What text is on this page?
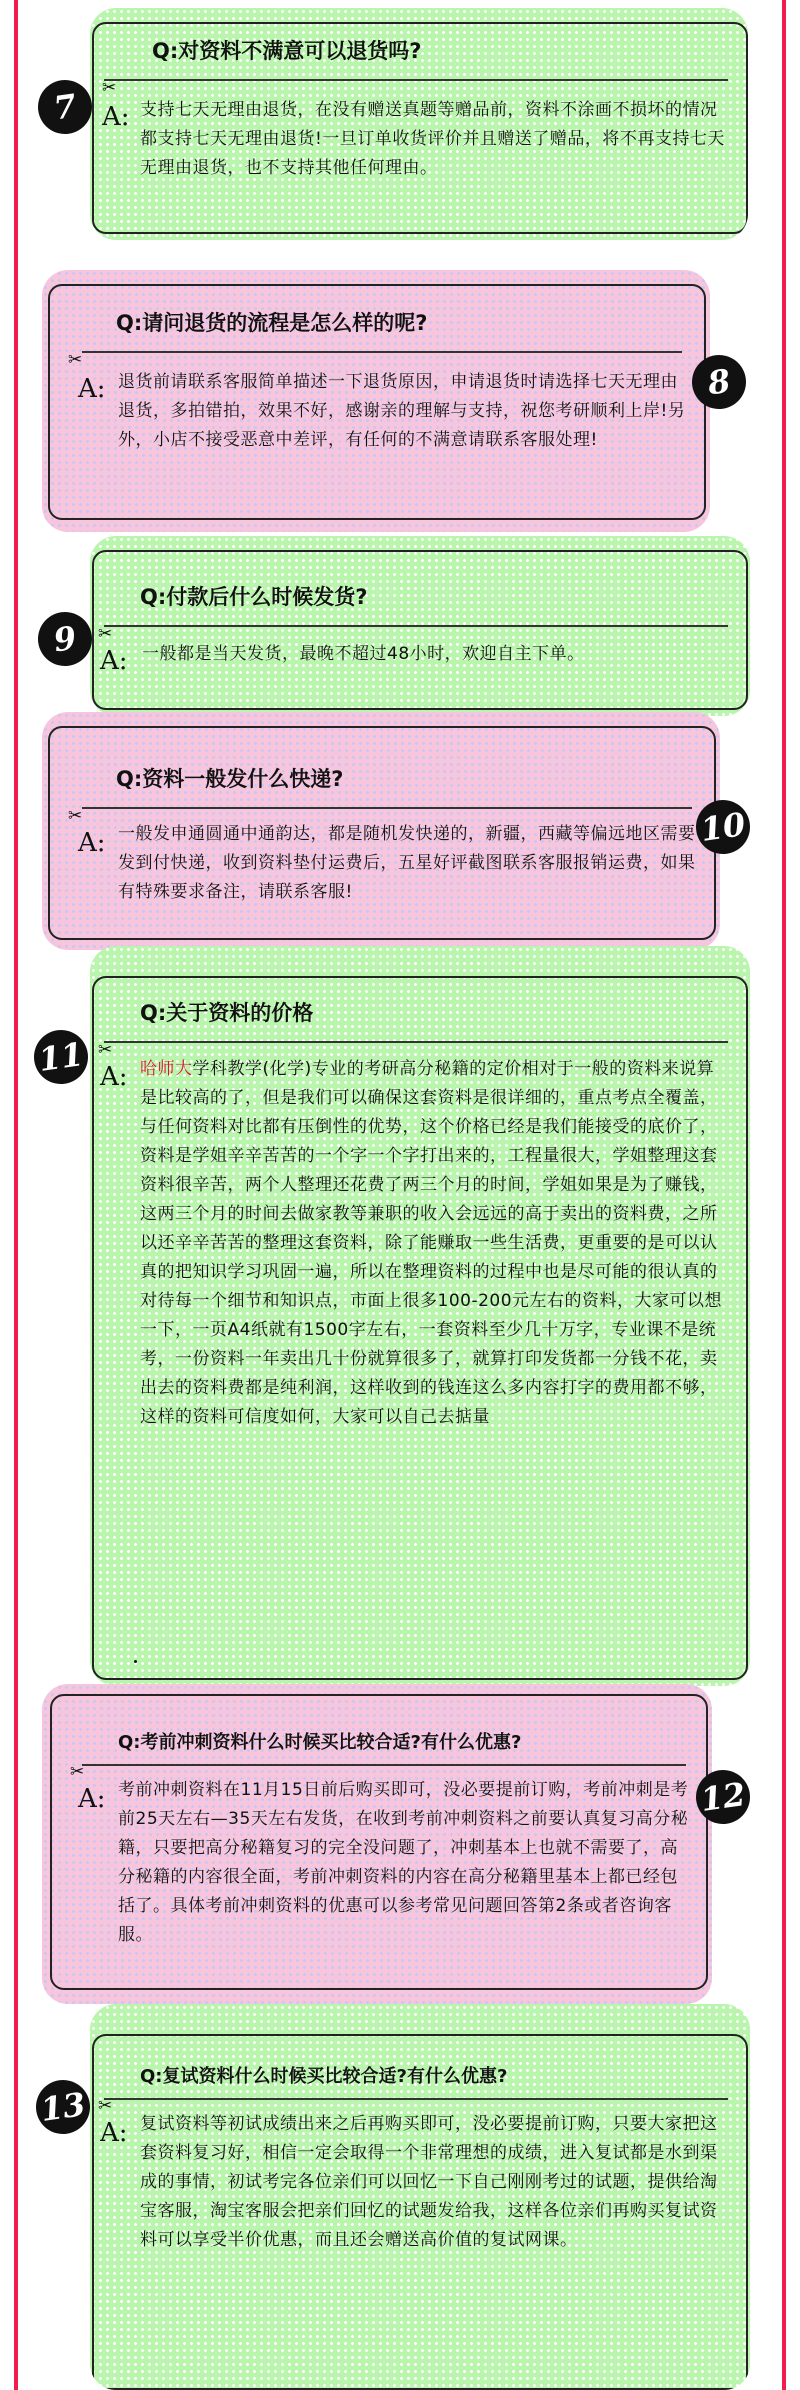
Q:对资料不满意可以退货吗?
✂
A: 支持七天无理由退货，在没有赠送真题等赠品前，资料不涂画不损坏的情况都支持七天无理由退货!一旦订单收货评价并且赠送了赠品，将不再支持七天无理由退货，也不支持其他任何理由。
7
Q:请问退货的流程是怎么样的呢?
✂
A: 退货前请联系客服简单描述一下退货原因，申请退货时请选择七天无理由退货，多拍错拍，效果不好，感谢亲的理解与支持，祝您考研顺利上岸!另外，小店不接受恶意中差评，有任何的不满意请联系客服处理!
8
Q:付款后什么时候发货?
✂
A: 一般都是当天发货，最晚不超过48小时，欢迎自主下单。
9
Q:资料一般发什么快递?
✂
A: 一般发申通圆通中通韵达，都是随机发快递的，新疆，西藏等偏远地区需要发到付快递，收到资料垫付运费后，五星好评截图联系客服报销运费，如果有特殊要求备注，请联系客服!
10
Q:关于资料的价格
✂
A: 哈师大学科教学(化学)专业的考研高分秘籍的定价相对于一般的资料来说算是比较高的了，但是我们可以确保这套资料是很详细的，重点考点全覆盖，与任何资料对比都有压倒性的优势，这个价格已经是我们能接受的底价了，资料是学姐辛辛苦苦的一个字一个字打出来的，工程量很大，学姐整理这套资料很辛苦，两个人整理还花费了两三个月的时间，学姐如果是为了赚钱，这两三个月的时间去做家教等兼职的收入会远远的高于卖出的资料费，之所以还辛辛苦苦的整理这套资料，除了能赚取一些生活费，更重要的是可以认真的把知识学习巩固一遍，所以在整理资料的过程中也是尽可能的很认真的对待每一个细节和知识点，市面上很多100-200元左右的资料，大家可以想一下，一页A4纸就有1500字左右，一套资料至少几十万字，专业课不是统考，一份资料一年卖出几十份就算很多了，就算打印发货都一分钱不花，卖出去的资料费都是纯利润，这样收到的钱连这么多内容打字的费用都不够，这样的资料可信度如何，大家可以自己去掂量
11
Q:考前冲刺资料什么时候买比较合适?有什么优惠?
✂
A: 考前冲刺资料在11月15日前后购买即可，没必要提前订购，考前冲刺是考前25天左右—35天左右发货，在收到考前冲刺资料之前要认真复习高分秘籍，只要把高分秘籍复习的完全没问题了，冲刺基本上也就不需要了，高分秘籍的内容很全面，考前冲刺资料的内容在高分秘籍里基本上都已经包括了。具体考前冲刺资料的优惠可以参考常见问题回答第2条或者咨询客服。
12
Q:复试资料什么时候买比较合适?有什么优惠?
✂
A: 复试资料等初试成绩出来之后再购买即可，没必要提前订购，只要大家把这套资料复习好，相信一定会取得一个非常理想的成绩，进入复试都是水到渠成的事情，初试考完各位亲们可以回忆一下自己刚刚考过的试题，提供给淘宝客服，淘宝客服会把亲们回忆的试题发给我，这样各位亲们再购买复试资料可以享受半价优惠，而且还会赠送高价值的复试网课。
13
